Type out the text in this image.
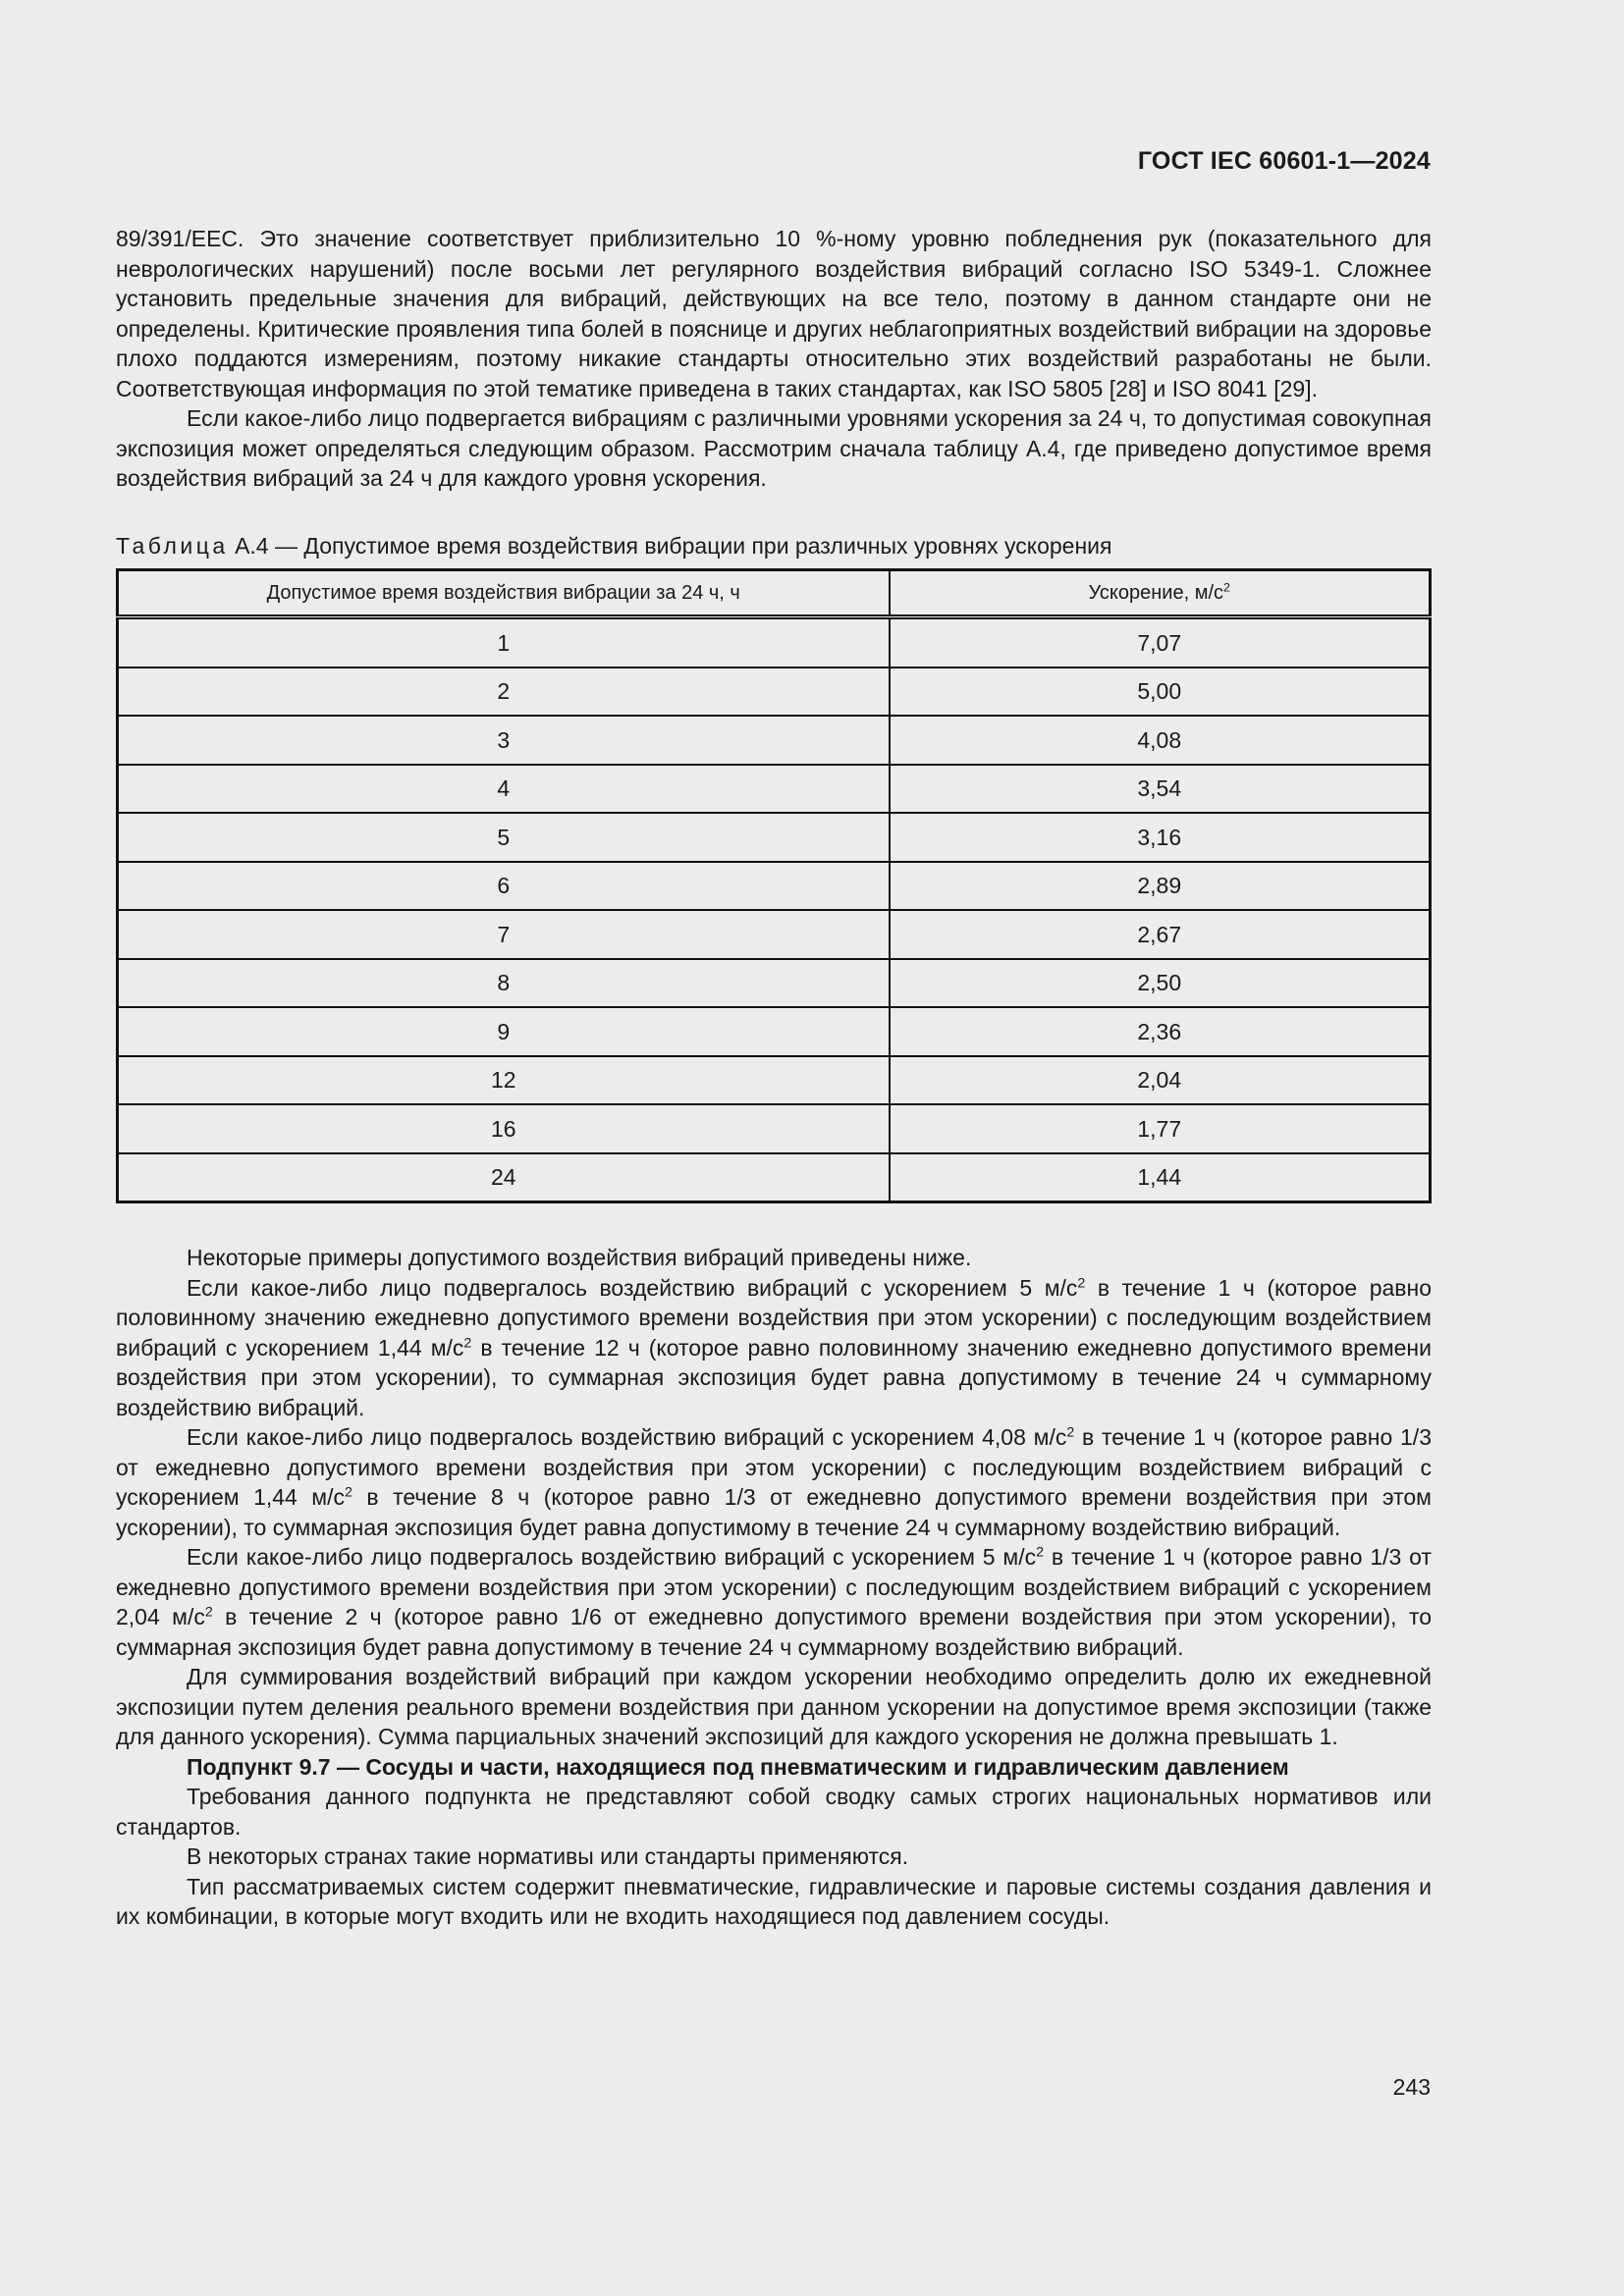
ГОСТ IEC 60601-1—2024

89/391/EEC. Это значение соответствует приблизительно 10 %-ному уровню побледнения рук (показательного для неврологических нарушений) после восьми лет регулярного воздействия вибраций согласно ISO 5349-1. Сложнее установить предельные значения для вибраций, действующих на все тело, поэтому в данном стандарте они не определены. Критические проявления типа болей в пояснице и других неблагоприятных воздействий вибрации на здоровье плохо поддаются измерениям, поэтому никакие стандарты относительно этих воздействий разработаны не были. Соответствующая информация по этой тематике приведена в таких стандартах, как ISO 5805 [28] и ISO 8041 [29].

Если какое-либо лицо подвергается вибрациям с различными уровнями ускорения за 24 ч, то допустимая совокупная экспозиция может определяться следующим образом. Рассмотрим сначала таблицу А.4, где приведено допустимое время воздействия вибраций за 24 ч для каждого уровня ускорения.

Таблица А.4 — Допустимое время воздействия вибрации при различных уровнях ускорения
Допустимое время воздействия вибрации за 24 ч, ч	Ускорение, $м/с^2$
1	7,07
2	5,00
3	4,08
4	3,54
5	3,16
6	2,89
7	2,67
8	2,50
9	2,36
12	2,04
16	1,77
24	1,44

Некоторые примеры допустимого воздействия вибраций приведены ниже.

Если какое-либо лицо подвергалось воздействию вибраций с ускорением 5 $м/с^2$ в течение 1 ч (которое равно половинному значению ежедневно допустимого времени воздействия при этом ускорении) с последующим воздействием вибраций с ускорением 1,44 $м/с^2$ в течение 12 ч (которое равно половинному значению ежедневно допустимого времени воздействия при этом ускорении), то суммарная экспозиция будет равна допустимому в течение 24 ч суммарному воздействию вибраций.

Если какое-либо лицо подвергалось воздействию вибраций с ускорением 4,08 $м/с^2$ в течение 1 ч (которое равно 1/3 от ежедневно допустимого времени воздействия при этом ускорении) с последующим воздействием вибраций с ускорением 1,44 $м/с^2$ в течение 8 ч (которое равно 1/3 от ежедневно допустимого времени воздействия при этом ускорении), то суммарная экспозиция будет равна допустимому в течение 24 ч суммарному воздействию вибраций.

Если какое-либо лицо подвергалось воздействию вибраций с ускорением 5 $м/с^2$ в течение 1 ч (которое равно 1/3 от ежедневно допустимого времени воздействия при этом ускорении) с последующим воздействием вибраций с ускорением 2,04 $м/с^2$ в течение 2 ч (которое равно 1/6 от ежедневно допустимого времени воздействия при этом ускорении), то суммарная экспозиция будет равна допустимому в течение 24 ч суммарному воздействию вибраций.

Для суммирования воздействий вибраций при каждом ускорении необходимо определить долю их ежедневной экспозиции путем деления реального времени воздействия при данном ускорении на допустимое время экспозиции (также для данного ускорения). Сумма парциальных значений экспозиций для каждого ускорения не должна превышать 1.

Подпункт 9.7 — Сосуды и части, находящиеся под пневматическим и гидравлическим давлением

Требования данного подпункта не представляют собой сводку самых строгих национальных нормативов или стандартов.

В некоторых странах такие нормативы или стандарты применяются.

Тип рассматриваемых систем содержит пневматические, гидравлические и паровые системы создания давления и их комбинации, в которые могут входить или не входить находящиеся под давлением сосуды.

243
